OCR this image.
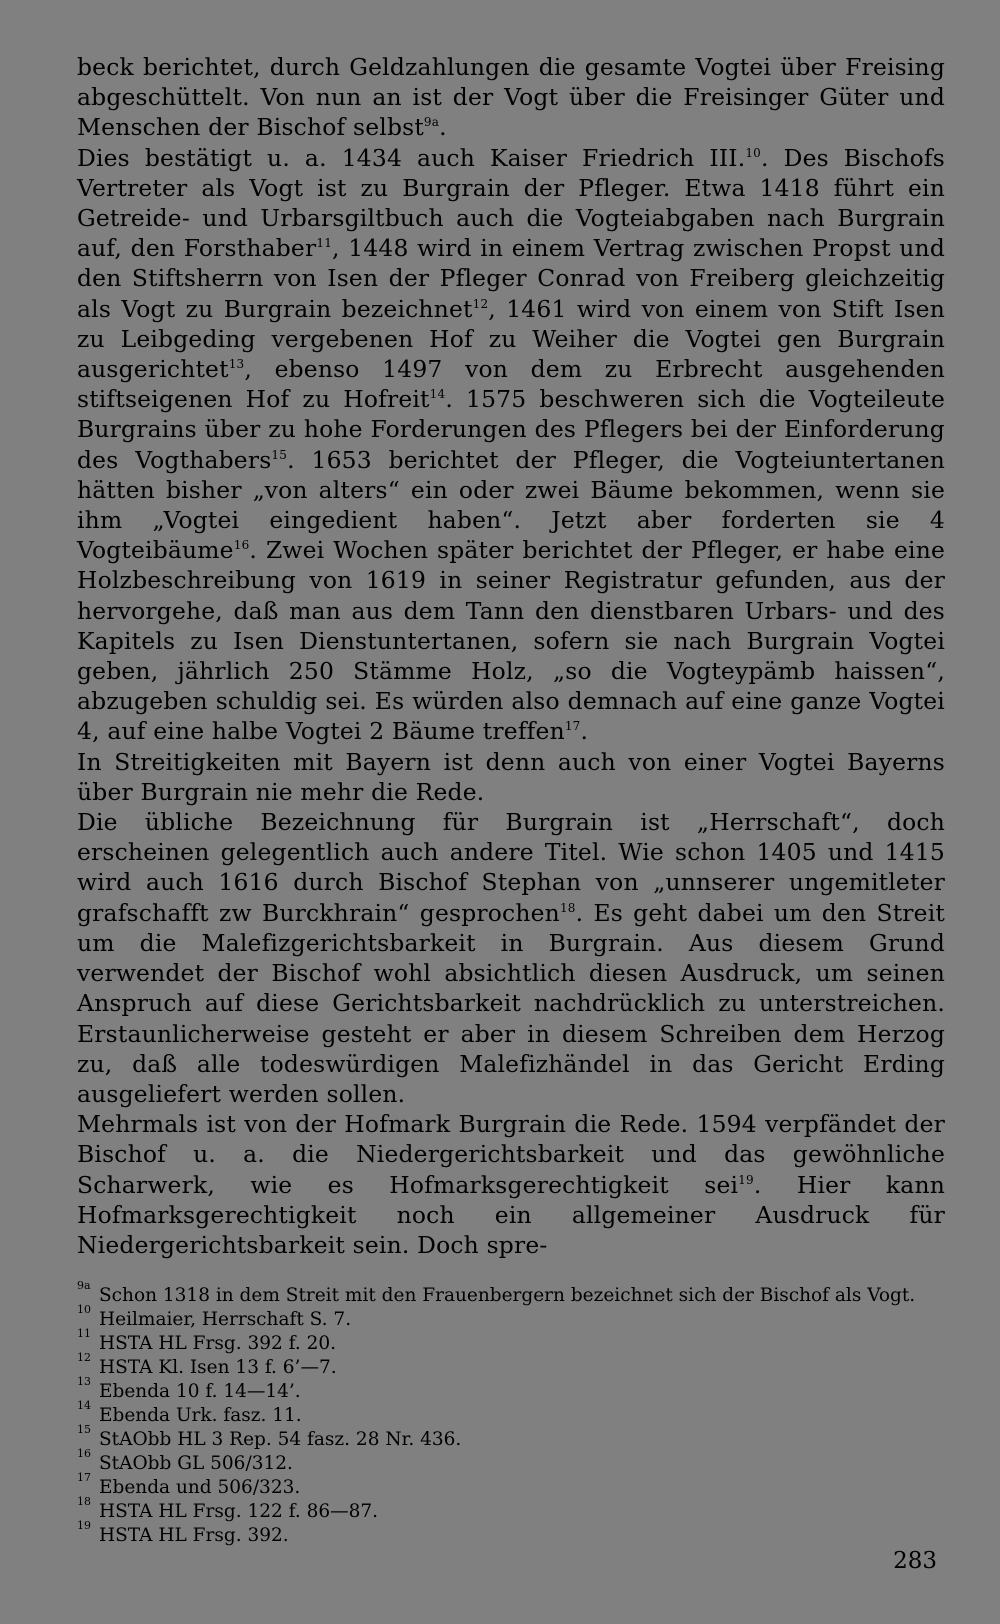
beck berichtet, durch Geldzahlungen die gesamte Vogtei über Freising abgeschüttelt. Von nun an ist der Vogt über die Freisinger Güter und Menschen der Bischof selbst$^{9a}$.

Dies bestätigt u. a. 1434 auch Kaiser Friedrich III.$^{10}$. Des Bischofs Vertreter als Vogt ist zu Burgrain der Pfleger. Etwa 1418 führt ein Getreide- und Urbarsgiltbuch auch die Vogteiabgaben nach Burgrain auf, den Forsthaber$^{11}$, 1448 wird in einem Vertrag zwischen Propst und den Stiftsherrn von Isen der Pfleger Conrad von Freiberg gleichzeitig als Vogt zu Burgrain bezeichnet$^{12}$, 1461 wird von einem von Stift Isen zu Leibgeding vergebenen Hof zu Weiher die Vogtei gen Burgrain ausgerichtet$^{13}$, ebenso 1497 von dem zu Erbrecht ausgehenden stiftseigenen Hof zu Hofreit$^{14}$. 1575 beschweren sich die Vogteileute Burgrains über zu hohe Forderungen des Pflegers bei der Einforderung des Vogthabers$^{15}$. 1653 berichtet der Pfleger, die Vogteiuntertanen hätten bisher „von alters“ ein oder zwei Bäume bekommen, wenn sie ihm „Vogtei eingedient haben“. Jetzt aber forderten sie 4 Vogteibäume$^{16}$. Zwei Wochen später berichtet der Pfleger, er habe eine Holzbeschreibung von 1619 in seiner Registratur gefunden, aus der hervorgehe, daß man aus dem Tann den dienstbaren Urbars- und des Kapitels zu Isen Dienstuntertanen, sofern sie nach Burgrain Vogtei geben, jährlich 250 Stämme Holz, „so die Vogteypämb haissen“, abzugeben schuldig sei. Es würden also demnach auf eine ganze Vogtei 4, auf eine halbe Vogtei 2 Bäume treffen$^{17}$.

In Streitigkeiten mit Bayern ist denn auch von einer Vogtei Bayerns über Burgrain nie mehr die Rede.

Die übliche Bezeichnung für Burgrain ist „Herrschaft“, doch erscheinen gelegentlich auch andere Titel. Wie schon 1405 und 1415 wird auch 1616 durch Bischof Stephan von „unnserer ungemitleter grafschafft zw Burckhrain“ gesprochen$^{18}$. Es geht dabei um den Streit um die Malefizgerichtsbarkeit in Burgrain. Aus diesem Grund verwendet der Bischof wohl absichtlich diesen Ausdruck, um seinen Anspruch auf diese Gerichtsbarkeit nachdrücklich zu unterstreichen. Erstaunlicherweise gesteht er aber in diesem Schreiben dem Herzog zu, daß alle todeswürdigen Malefizhändel in das Gericht Erding ausgeliefert werden sollen.

Mehrmals ist von der Hofmark Burgrain die Rede. 1594 verpfändet der Bischof u. a. die Niedergerichtsbarkeit und das gewöhnliche Scharwerk, wie es Hofmarksgerechtigkeit sei$^{19}$. Hier kann Hofmarksgerechtigkeit noch ein allgemeiner Ausdruck für Niedergerichtsbarkeit sein. Doch spre-

9a Schon 1318 in dem Streit mit den Frauenbergern bezeichnet sich der Bischof als Vogt.
10 Heilmaier, Herrschaft S. 7.
11 HSTA HL Frsg. 392 f. 20.
12 HSTA Kl. Isen 13 f. 6’—7.
13 Ebenda 10 f. 14—14’.
14 Ebenda Urk. fasz. 11.
15 StAObb HL 3 Rep. 54 fasz. 28 Nr. 436.
16 StAObb GL 506/312.
17 Ebenda und 506/323.
18 HSTA HL Frsg. 122 f. 86—87.
19 HSTA HL Frsg. 392.
283
